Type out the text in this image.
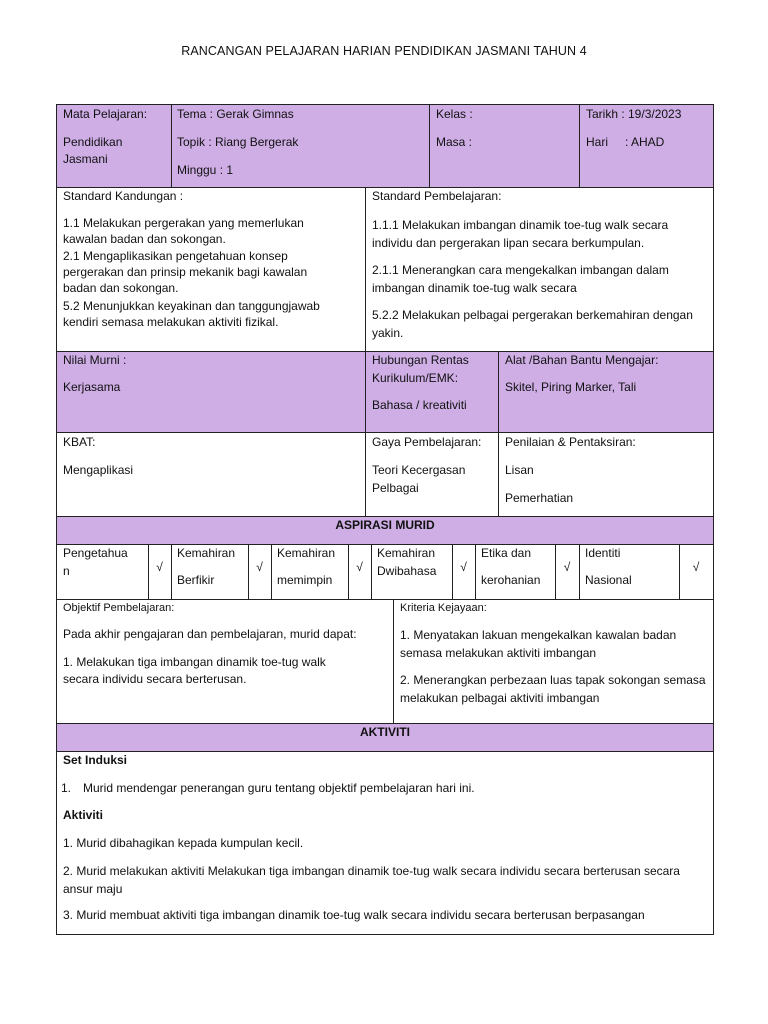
RANCANGAN PELAJARAN HARIAN PENDIDIKAN JASMANI TAHUN 4
Mata Pelajaran:
Pendidikan
Jasmani
Tema : Gerak Gimnas
Topik : Riang Bergerak
Minggu : 1
Kelas :
Masa :
Tarikh : 19/3/2023
Hari : AHAD
Standard Kandungan :
1.1 Melakukan pergerakan yang memerlukan kawalan badan dan sokongan.
2.1 Mengaplikasikan pengetahuan konsep pergerakan dan prinsip mekanik bagi kawalan badan dan sokongan.
5.2 Menunjukkan keyakinan dan tanggungjawab kendiri semasa melakukan aktiviti fizikal.
Standard Pembelajaran:
1.1.1 Melakukan imbangan dinamik toe-tug walk secara individu dan pergerakan lipan secara berkumpulan.
2.1.1 Menerangkan cara mengekalkan imbangan dalam imbangan dinamik toe-tug walk secara
5.2.2 Melakukan pelbagai pergerakan berkemahiran dengan yakin.
Nilai Murni :
Kerjasama
Hubungan Rentas
Kurikulum/EMK:
Bahasa / kreativiti
Alat /Bahan Bantu Mengajar:
Skitel, Piring Marker, Tali
KBAT:
Mengaplikasi
Gaya Pembelajaran:
Teori Kecergasan
Pelbagai
Penilaian & Pentaksiran:
Lisan
Pemerhatian
ASPIRASI MURID
Pengetahua
n	√
Kemahiran
Berfikir
√
Kemahiran
memimpin
√
Kemahiran
Dwibahasa	√
Etika dan
kerohanian
√
Identiti
Nasional
√
Objektif Pembelajaran:
Pada akhir pengajaran dan pembelajaran, murid dapat:
1. Melakukan tiga imbangan dinamik toe-tug walk secara individu secara berterusan.
Kriteria Kejayaan:
1. Menyatakan lakuan mengekalkan kawalan badan semasa melakukan aktiviti imbangan
2. Menerangkan perbezaan luas tapak sokongan semasa melakukan pelbagai aktiviti imbangan
AKTIVITI
Set Induksi
1. Murid mendengar penerangan guru tentang objektif pembelajaran hari ini.
Aktiviti
1. Murid dibahagikan kepada kumpulan kecil.
2. Murid melakukan aktiviti Melakukan tiga imbangan dinamik toe-tug walk secara individu secara berterusan secara ansur maju
3. Murid membuat aktiviti tiga imbangan dinamik toe-tug walk secara individu secara berterusan berpasangan
